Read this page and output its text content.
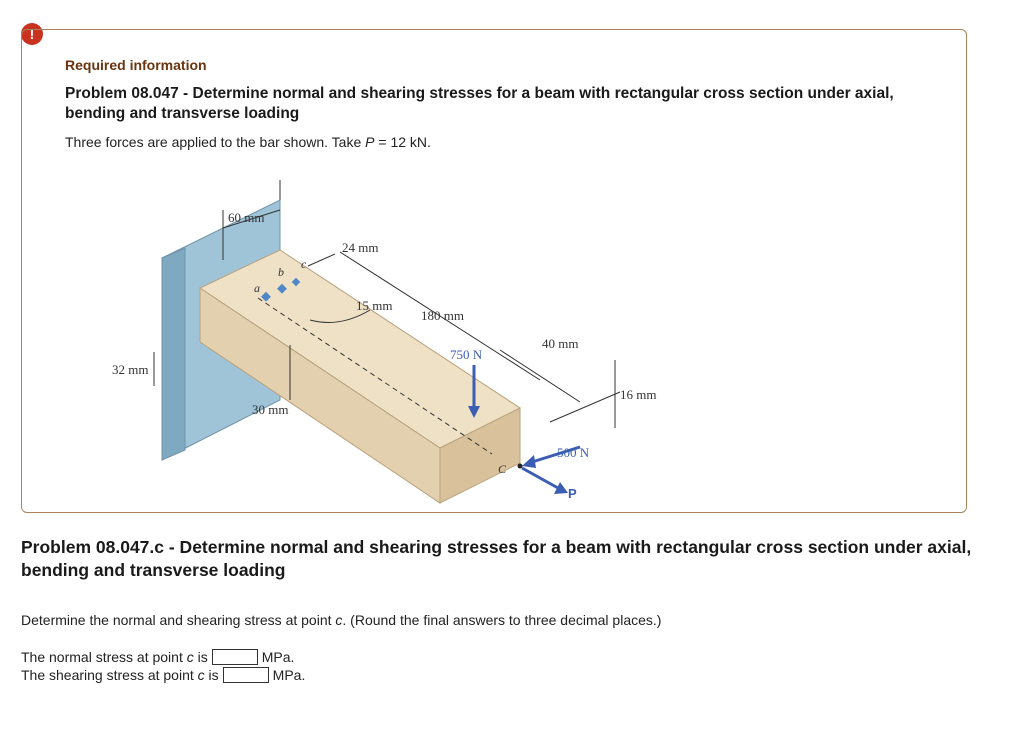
!
Required information
Problem 08.047 - Determine normal and shearing stresses for a beam with rectangular cross section under axial, bending and transverse loading
Three forces are applied to the bar shown. Take P = 12 kN.
a
b
c
60 mm
24 mm
15 mm
180 mm
750 N
40 mm
32 mm
30 mm
16 mm
500 N
P
C
Problem 08.047.c - Determine normal and shearing stresses for a beam with rectangular cross section under axial, bending and transverse loading
Determine the normal and shearing stress at point c. (Round the final answers to three decimal places.)
The normal stress at point
c
is	MPa.
The shearing stress at point
c
is	MPa.
